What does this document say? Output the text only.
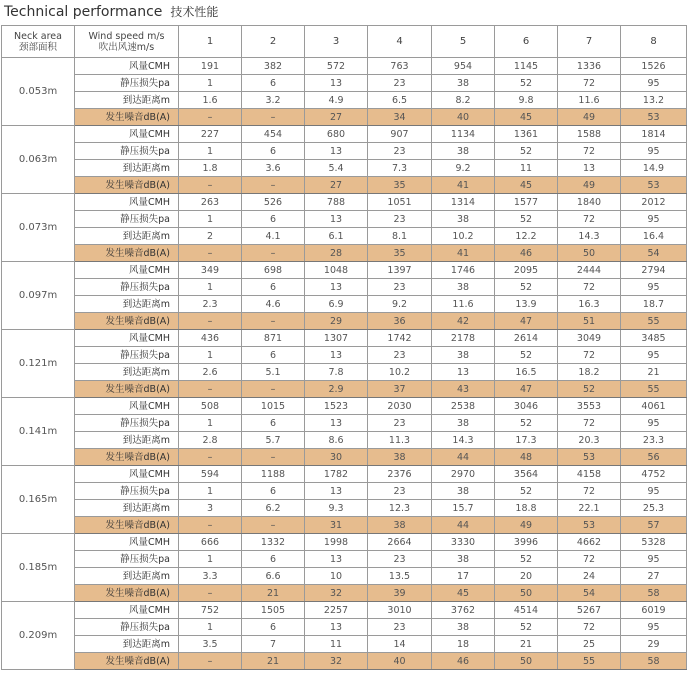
Technical performance 技术性能
Neck area
颈部面积	Wind speed m/s
吹出风速m/s	1	2	3	4	5	6	7	8
0.053m	风量CMH	191	382	572	763	954	1145	1336	1526
	静压损失pa	1	6	13	23	38	52	72	95
	到达距离m	1.6	3.2	4.9	6.5	8.2	9.8	11.6	13.2
	发生噪音dB(A)	–	–	27	34	40	45	49	53
0.063m	风量CMH	227	454	680	907	1134	1361	1588	1814
	静压损失pa	1	6	13	23	38	52	72	95
	到达距离m	1.8	3.6	5.4	7.3	9.2	11	13	14.9
	发生噪音dB(A)	–	–	27	35	41	45	49	53
0.073m	风量CMH	263	526	788	1051	1314	1577	1840	2012
	静压损失pa	1	6	13	23	38	52	72	95
	到达距离m	2	4.1	6.1	8.1	10.2	12.2	14.3	16.4
	发生噪音dB(A)	–	–	28	35	41	46	50	54
0.097m	风量CMH	349	698	1048	1397	1746	2095	2444	2794
	静压损失pa	1	6	13	23	38	52	72	95
	到达距离m	2.3	4.6	6.9	9.2	11.6	13.9	16.3	18.7
	发生噪音dB(A)	–	–	29	36	42	47	51	55
0.121m	风量CMH	436	871	1307	1742	2178	2614	3049	3485
	静压损失pa	1	6	13	23	38	52	72	95
	到达距离m	2.6	5.1	7.8	10.2	13	16.5	18.2	21
	发生噪音dB(A)	–	–	2.9	37	43	47	52	55
0.141m	风量CMH	508	1015	1523	2030	2538	3046	3553	4061
	静压损失pa	1	6	13	23	38	52	72	95
	到达距离m	2.8	5.7	8.6	11.3	14.3	17.3	20.3	23.3
	发生噪音dB(A)	–	–	30	38	44	48	53	56
0.165m	风量CMH	594	1188	1782	2376	2970	3564	4158	4752
	静压损失pa	1	6	13	23	38	52	72	95
	到达距离m	3	6.2	9.3	12.3	15.7	18.8	22.1	25.3
	发生噪音dB(A)	–	–	31	38	44	49	53	57
0.185m	风量CMH	666	1332	1998	2664	3330	3996	4662	5328
	静压损失pa	1	6	13	23	38	52	72	95
	到达距离m	3.3	6.6	10	13.5	17	20	24	27
	发生噪音dB(A)	–	21	32	39	45	50	54	58
0.209m	风量CMH	752	1505	2257	3010	3762	4514	5267	6019
	静压损失pa	1	6	13	23	38	52	72	95
	到达距离m	3.5	7	11	14	18	21	25	29
	发生噪音dB(A)	–	21	32	40	46	50	55	58
